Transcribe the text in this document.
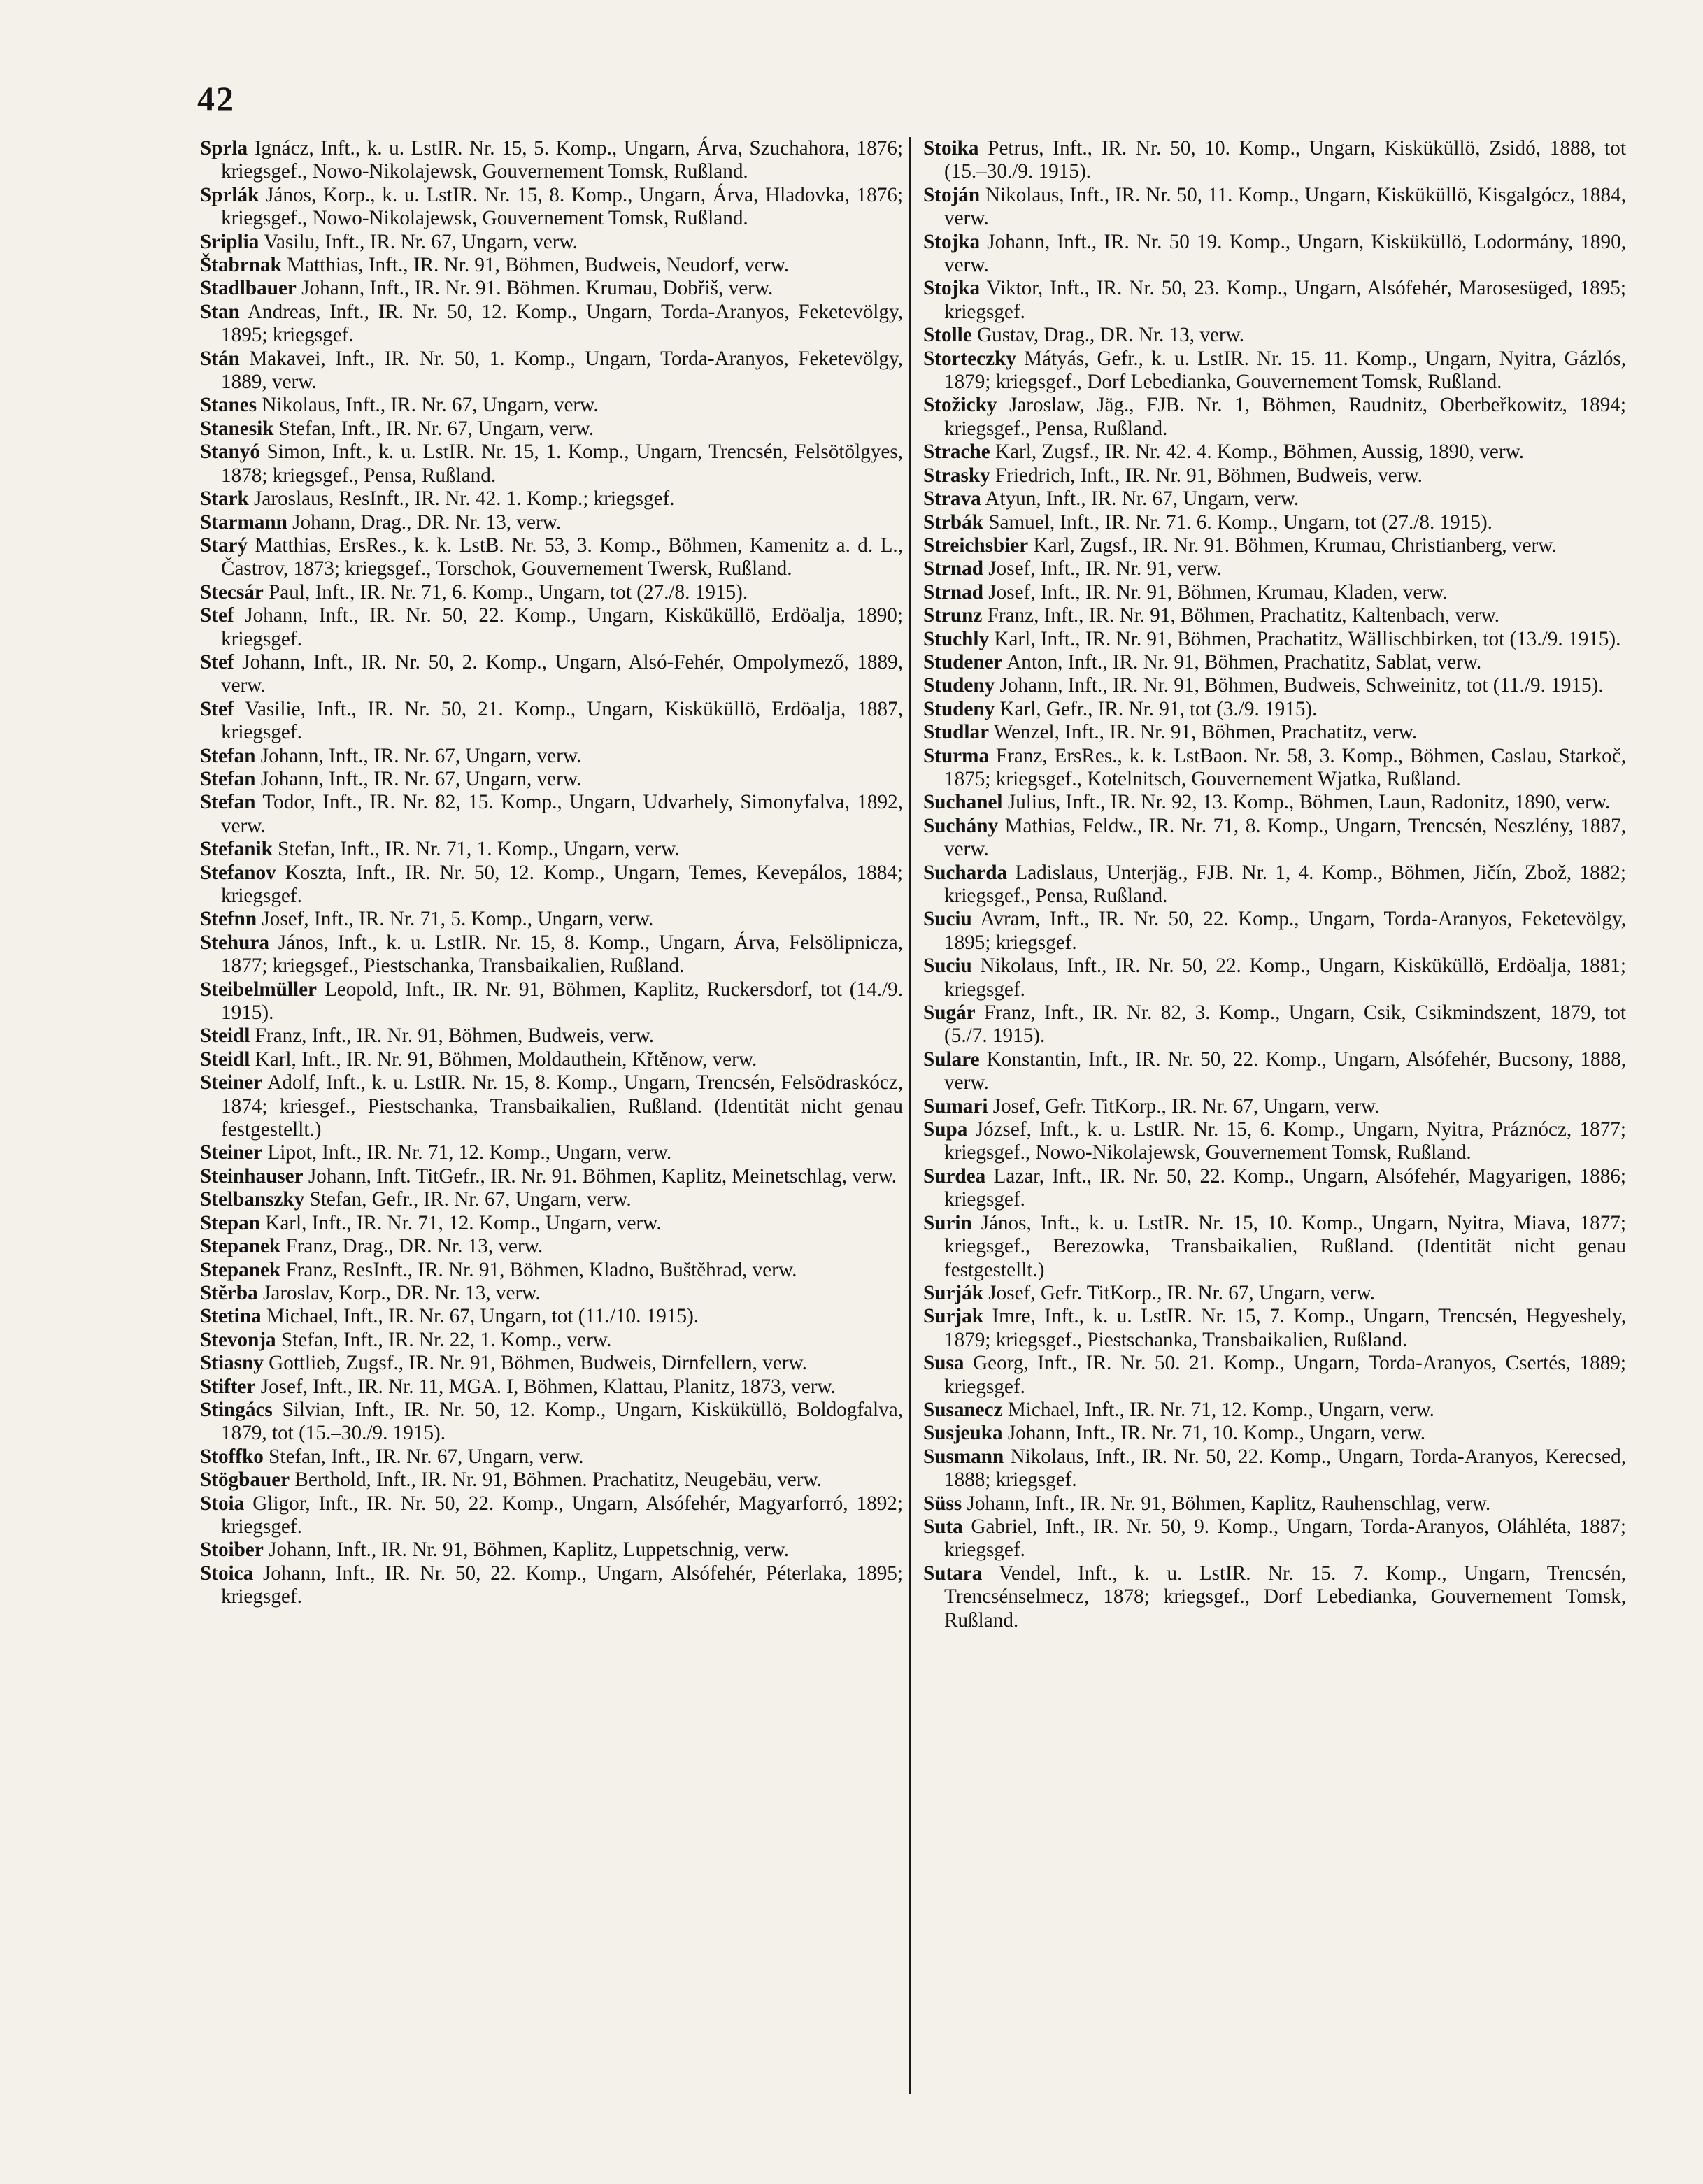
42

Sprla Ignácz, Inft., k. u. LstIR. Nr. 15, 5. Komp., Ungarn, Árva, Szuchahora, 1876; kriegsgef., Nowo-Nikolajewsk, Gouvernement Tomsk, Rußland.

Sprlák János, Korp., k. u. LstIR. Nr. 15, 8. Komp., Ungarn, Árva, Hladovka, 1876; kriegsgef., Nowo-Nikolajewsk, Gouvernement Tomsk, Rußland.

Sriplia Vasilu, Inft., IR. Nr. 67, Ungarn, verw.

Štabrnak Matthias, Inft., IR. Nr. 91, Böhmen, Budweis, Neudorf, verw.

Stadlbauer Johann, Inft., IR. Nr. 91. Böhmen. Krumau, Dobřiš, verw.

Stan Andreas, Inft., IR. Nr. 50, 12. Komp., Ungarn, Torda-Aranyos, Feketevölgy, 1895; kriegsgef.

Stán Makavei, Inft., IR. Nr. 50, 1. Komp., Ungarn, Torda-Aranyos, Feketevölgy, 1889, verw.

Stanes Nikolaus, Inft., IR. Nr. 67, Ungarn, verw.

Stanesik Stefan, Inft., IR. Nr. 67, Ungarn, verw.

Stanyó Simon, Inft., k. u. LstIR. Nr. 15, 1. Komp., Ungarn, Trencsén, Felsötölgyes, 1878; kriegsgef., Pensa, Rußland.

Stark Jaroslaus, ResInft., IR. Nr. 42. 1. Komp.; kriegsgef.

Starmann Johann, Drag., DR. Nr. 13, verw.

Starý Matthias, ErsRes., k. k. LstB. Nr. 53, 3. Komp., Böhmen, Kamenitz a. d. L., Častrov, 1873; kriegsgef., Torschok, Gouvernement Twersk, Rußland.

Stecsár Paul, Inft., IR. Nr. 71, 6. Komp., Ungarn, tot (27./8. 1915).

Stef Johann, Inft., IR. Nr. 50, 22. Komp., Ungarn, Kisküküllö, Erdöalja, 1890; kriegsgef.

Stef Johann, Inft., IR. Nr. 50, 2. Komp., Ungarn, Alsó-Fehér, Ompolymező, 1889, verw.

Stef Vasilie, Inft., IR. Nr. 50, 21. Komp., Ungarn, Kisküküllö, Erdöalja, 1887, kriegsgef.

Stefan Johann, Inft., IR. Nr. 67, Ungarn, verw.

Stefan Johann, Inft., IR. Nr. 67, Ungarn, verw.

Stefan Todor, Inft., IR. Nr. 82, 15. Komp., Ungarn, Udvarhely, Simonyfalva, 1892, verw.

Stefanik Stefan, Inft., IR. Nr. 71, 1. Komp., Ungarn, verw.

Stefanov Koszta, Inft., IR. Nr. 50, 12. Komp., Ungarn, Temes, Kevepálos, 1884; kriegsgef.

Stefnn Josef, Inft., IR. Nr. 71, 5. Komp., Ungarn, verw.

Stehura János, Inft., k. u. LstIR. Nr. 15, 8. Komp., Ungarn, Árva, Felsölipnicza, 1877; kriegsgef., Piestschanka, Transbaikalien, Rußland.

Steibelmüller Leopold, Inft., IR. Nr. 91, Böhmen, Kaplitz, Ruckersdorf, tot (14./9. 1915).

Steidl Franz, Inft., IR. Nr. 91, Böhmen, Budweis, verw.

Steidl Karl, Inft., IR. Nr. 91, Böhmen, Moldauthein, Křtěnow, verw.

Steiner Adolf, Inft., k. u. LstIR. Nr. 15, 8. Komp., Ungarn, Trencsén, Felsödraskócz, 1874; kriesgef., Piestschanka, Transbaikalien, Rußland. (Identität nicht genau festgestellt.)

Steiner Lipot, Inft., IR. Nr. 71, 12. Komp., Ungarn, verw.

Steinhauser Johann, Inft. TitGefr., IR. Nr. 91. Böhmen, Kaplitz, Meinetschlag, verw.

Stelbanszky Stefan, Gefr., IR. Nr. 67, Ungarn, verw.

Stepan Karl, Inft., IR. Nr. 71, 12. Komp., Ungarn, verw.

Stepanek Franz, Drag., DR. Nr. 13, verw.

Stepanek Franz, ResInft., IR. Nr. 91, Böhmen, Kladno, Buštěhrad, verw.

Stěrba Jaroslav, Korp., DR. Nr. 13, verw.

Stetina Michael, Inft., IR. Nr. 67, Ungarn, tot (11./10. 1915).

Stevonja Stefan, Inft., IR. Nr. 22, 1. Komp., verw.

Stiasny Gottlieb, Zugsf., IR. Nr. 91, Böhmen, Budweis, Dirnfellern, verw.

Stifter Josef, Inft., IR. Nr. 11, MGA. I, Böhmen, Klattau, Planitz, 1873, verw.

Stingács Silvian, Inft., IR. Nr. 50, 12. Komp., Ungarn, Kisküküllö, Boldogfalva, 1879, tot (15.–30./9. 1915).

Stoffko Stefan, Inft., IR. Nr. 67, Ungarn, verw.

Stögbauer Berthold, Inft., IR. Nr. 91, Böhmen. Prachatitz, Neugebäu, verw.

Stoia Gligor, Inft., IR. Nr. 50, 22. Komp., Ungarn, Alsófehér, Magyarforró, 1892; kriegsgef.

Stoiber Johann, Inft., IR. Nr. 91, Böhmen, Kaplitz, Luppetschnig, verw.

Stoica Johann, Inft., IR. Nr. 50, 22. Komp., Ungarn, Alsófehér, Péterlaka, 1895; kriegsgef.

Stoika Petrus, Inft., IR. Nr. 50, 10. Komp., Ungarn, Kisküküllö, Zsidó, 1888, tot (15.–30./9. 1915).

Stoján Nikolaus, Inft., IR. Nr. 50, 11. Komp., Ungarn, Kisküküllö, Kisgalgócz, 1884, verw.

Stojka Johann, Inft., IR. Nr. 50 19. Komp., Ungarn, Kisküküllö, Lodormány, 1890, verw.

Stojka Viktor, Inft., IR. Nr. 50, 23. Komp., Ungarn, Alsófehér, Marosesügeđ, 1895; kriegsgef.

Stolle Gustav, Drag., DR. Nr. 13, verw.

Storteczky Mátyás, Gefr., k. u. LstIR. Nr. 15. 11. Komp., Ungarn, Nyitra, Gázlós, 1879; kriegsgef., Dorf Lebedianka, Gouvernement Tomsk, Rußland.

Stožicky Jaroslaw, Jäg., FJB. Nr. 1, Böhmen, Raudnitz, Oberbeřkowitz, 1894; kriegsgef., Pensa, Rußland.

Strache Karl, Zugsf., IR. Nr. 42. 4. Komp., Böhmen, Aussig, 1890, verw.

Strasky Friedrich, Inft., IR. Nr. 91, Böhmen, Budweis, verw.

Strava Atyun, Inft., IR. Nr. 67, Ungarn, verw.

Strbák Samuel, Inft., IR. Nr. 71. 6. Komp., Ungarn, tot (27./8. 1915).

Streichsbier Karl, Zugsf., IR. Nr. 91. Böhmen, Krumau, Christianberg, verw.

Strnad Josef, Inft., IR. Nr. 91, verw.

Strnad Josef, Inft., IR. Nr. 91, Böhmen, Krumau, Kladen, verw.

Strunz Franz, Inft., IR. Nr. 91, Böhmen, Prachatitz, Kaltenbach, verw.

Stuchly Karl, Inft., IR. Nr. 91, Böhmen, Prachatitz, Wällischbirken, tot (13./9. 1915).

Studener Anton, Inft., IR. Nr. 91, Böhmen, Prachatitz, Sablat, verw.

Studeny Johann, Inft., IR. Nr. 91, Böhmen, Budweis, Schweinitz, tot (11./9. 1915).

Studeny Karl, Gefr., IR. Nr. 91, tot (3./9. 1915).

Studlar Wenzel, Inft., IR. Nr. 91, Böhmen, Prachatitz, verw.

Sturma Franz, ErsRes., k. k. LstBaon. Nr. 58, 3. Komp., Böhmen, Caslau, Starkoč, 1875; kriegsgef., Kotelnitsch, Gouvernement Wjatka, Rußland.

Suchanel Julius, Inft., IR. Nr. 92, 13. Komp., Böhmen, Laun, Radonitz, 1890, verw.

Suchány Mathias, Feldw., IR. Nr. 71, 8. Komp., Ungarn, Trencsén, Neszlény, 1887, verw.

Sucharda Ladislaus, Unterjäg., FJB. Nr. 1, 4. Komp., Böhmen, Jičín, Zbož, 1882; kriegsgef., Pensa, Rußland.

Suciu Avram, Inft., IR. Nr. 50, 22. Komp., Ungarn, Torda-Aranyos, Feketevölgy, 1895; kriegsgef.

Suciu Nikolaus, Inft., IR. Nr. 50, 22. Komp., Ungarn, Kisküküllö, Erdöalja, 1881; kriegsgef.

Sugár Franz, Inft., IR. Nr. 82, 3. Komp., Ungarn, Csik, Csikmindszent, 1879, tot (5./7. 1915).

Sulare Konstantin, Inft., IR. Nr. 50, 22. Komp., Ungarn, Alsófehér, Bucsony, 1888, verw.

Sumari Josef, Gefr. TitKorp., IR. Nr. 67, Ungarn, verw.

Supa József, Inft., k. u. LstIR. Nr. 15, 6. Komp., Ungarn, Nyitra, Práznócz, 1877; kriegsgef., Nowo-Nikolajewsk, Gouvernement Tomsk, Rußland.

Surdea Lazar, Inft., IR. Nr. 50, 22. Komp., Ungarn, Alsófehér, Magyarigen, 1886; kriegsgef.

Surin János, Inft., k. u. LstIR. Nr. 15, 10. Komp., Ungarn, Nyitra, Miava, 1877; kriegsgef., Berezowka, Transbaikalien, Rußland. (Identität nicht genau festgestellt.)

Surják Josef, Gefr. TitKorp., IR. Nr. 67, Ungarn, verw.

Surjak Imre, Inft., k. u. LstIR. Nr. 15, 7. Komp., Ungarn, Trencsén, Hegyeshely, 1879; kriegsgef., Piestschanka, Transbaikalien, Rußland.

Susa Georg, Inft., IR. Nr. 50. 21. Komp., Ungarn, Torda-Aranyos, Csertés, 1889; kriegsgef.

Susanecz Michael, Inft., IR. Nr. 71, 12. Komp., Ungarn, verw.

Susjeuka Johann, Inft., IR. Nr. 71, 10. Komp., Ungarn, verw.

Susmann Nikolaus, Inft., IR. Nr. 50, 22. Komp., Ungarn, Torda-Aranyos, Kerecsed, 1888; kriegsgef.

Süss Johann, Inft., IR. Nr. 91, Böhmen, Kaplitz, Rauhenschlag, verw.

Suta Gabriel, Inft., IR. Nr. 50, 9. Komp., Ungarn, Torda-Aranyos, Oláhléta, 1887; kriegsgef.

Sutara Vendel, Inft., k. u. LstIR. Nr. 15. 7. Komp., Ungarn, Trencsén, Trencsénselmecz, 1878; kriegsgef., Dorf Lebedianka, Gouvernement Tomsk, Rußland.
